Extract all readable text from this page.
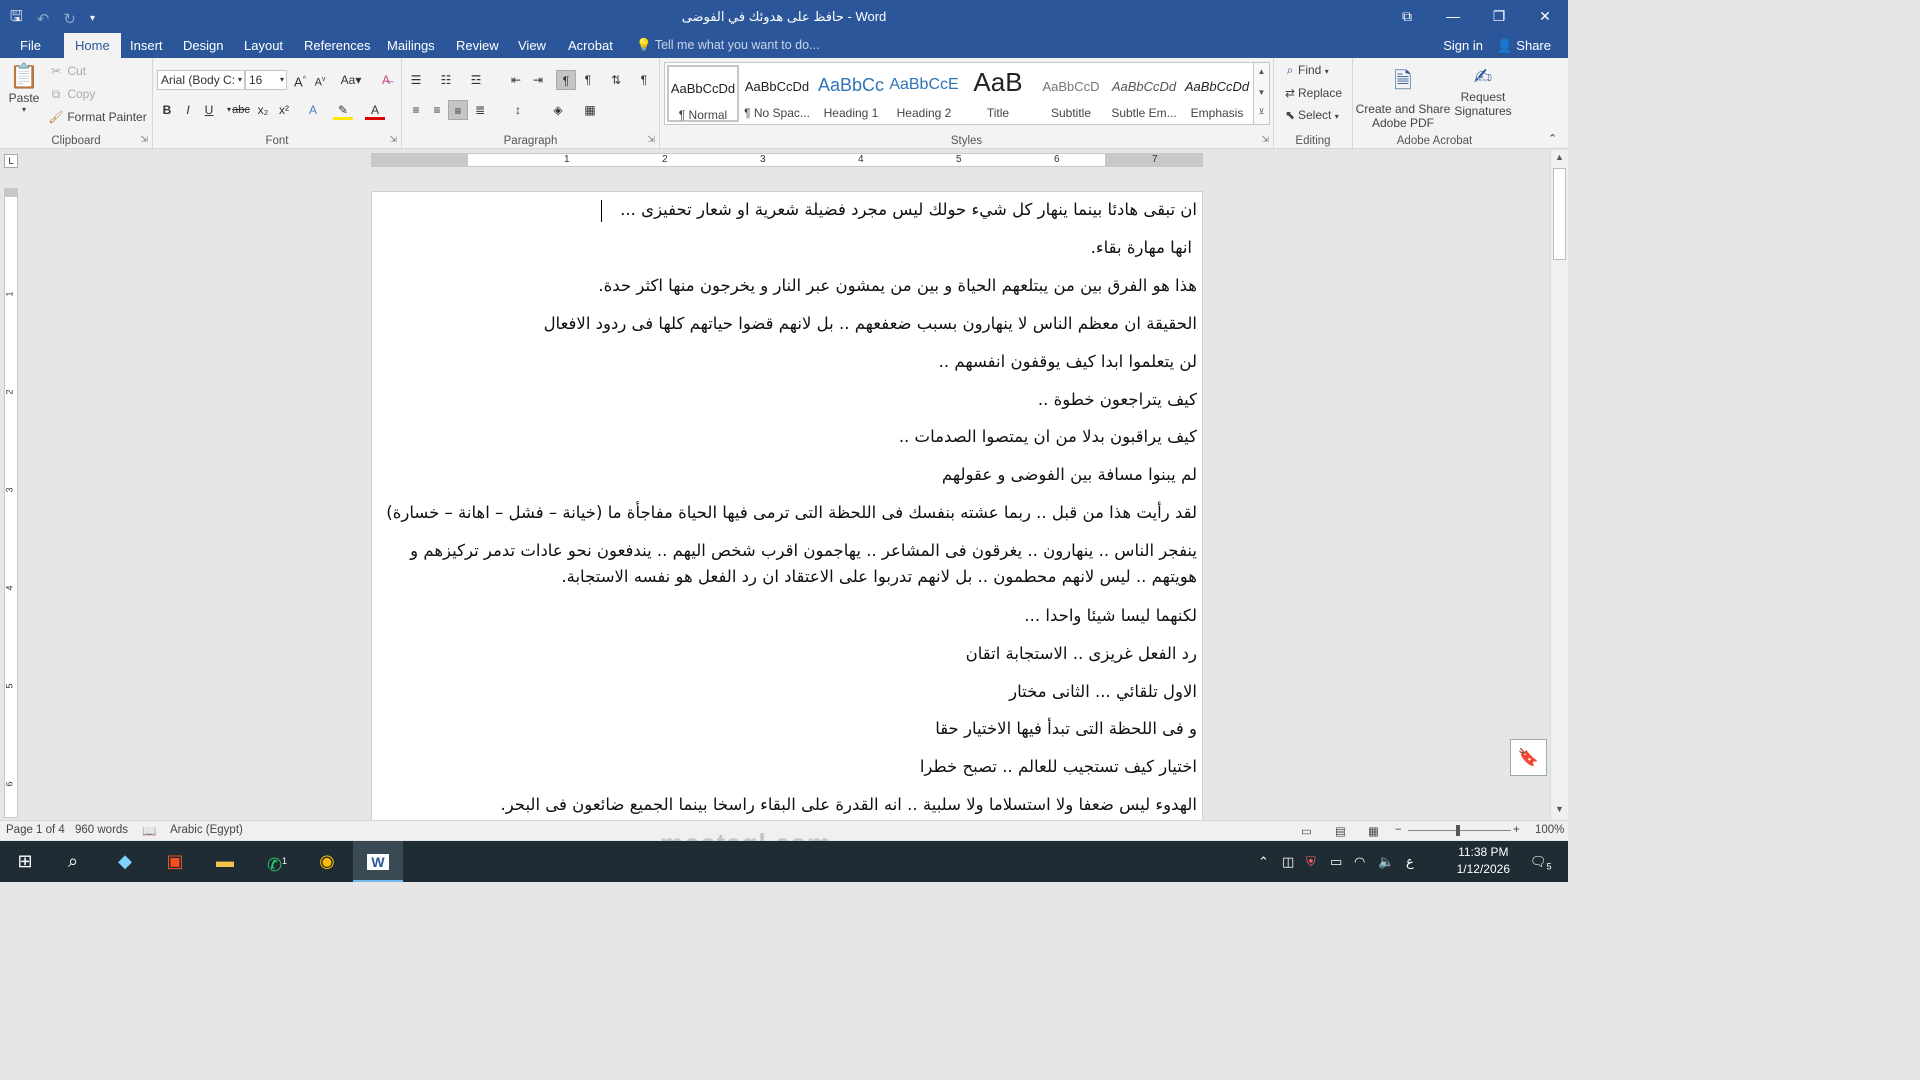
🖫 ↶ ↻ ▾	حافظ على هدوئك في الفوضى - Word	⧉	—	❐	✕
File	Home	Insert Design Layout References Mailings Review View Acrobat 💡 Tell me what you want to do...	Sign in 👤 Share
📋
Paste
▾
✂ Cut
⧉ Copy
🖌 Format Painter
Clipboard	⇲
Arial (Body C: ▾ 16 ▾ A^ $A^v$	Aa▾	A̶
B	I	U	▾ abc x₂ x²	A	✎	A
Font	⇲
☰	☷	☲	⇤ ⇥	¶	¶	⇅	¶
≡	≡	≡	≣	↕	◈	▦
Paragraph	⇲	Styles	⇲
AaBbCcDd
¶ Normal
AaBbCcDd
¶ No Spac...
AaBbCc
Heading 1
AaBbCcE
Heading 2
AaB
Title
AaBbCcD
Subtitle
AaBbCcDd
Subtle Em...
AaBbCcDd
Emphasis
▲
▼
⊻
⌕ Find ▾
⇄ Replace
⬉ Select ▾
Editing
🗎
Create and Share
Adobe PDF
✍
Request
Signatures
Adobe Acrobat	⌃
L	1	2	3	4	5	6	7
1
2
3
4
5
6
ان تبقى هادئا بينما ينهار كل شيء حولك ليس مجرد فضيلة شعرية او شعار تحفيزى ...
انها مهارة بقاء.
هذا هو الفرق بين من يبتلعهم الحياة و بين من يمشون عبر النار و يخرجون منها اكثر حدة.
الحقيقة ان معظم الناس لا ينهارون بسبب ضعفعهم .. بل لانهم قضوا حياتهم كلها فى ردود الافعال
لن يتعلموا ابدا كيف يوقفون انفسهم ..
كيف يتراجعون خطوة ..
كيف يراقبون بدلا من ان يمتصوا الصدمات ..
لم يبنوا مسافة بين الفوضى و عقولهم
لقد رأيت هذا من قبل .. ربما عشته بنفسك فى اللحظة التى ترمى فيها الحياة مفاجأة ما (خيانة – فشل – اهانة – خسارة)
ينفجر الناس .. ينهارون .. يغرقون فى المشاعر .. يهاجمون اقرب شخص اليهم .. يندفعون نحو عادات تدمر تركيزهم و هويتهم .. ليس لانهم محطمون .. بل لانهم تدربوا على الاعتقاد ان رد الفعل هو نفسه الاستجابة.
لكنهما ليسا شيئا واحدا ...
رد الفعل غريزى .. الاستجابة اتقان
الاول تلقائي ... الثانى مختار
و فى اللحظة التى تبدأ فيها الاختيار حقا
اختيار كيف تستجيب للعالم .. تصبح خطرا
الهدوء ليس ضعفا ولا استسلاما ولا سلبية .. انه القدرة على البقاء راسخا بينما الجميع ضائعون فى البحر.
▲
▼
🔖
Page 1 of 4 960 words 📖 Arabic (Egypt)	▭ ▤ ▦ −	+ 100%
⊞	⌕	◆	▣	▬	✆$^1$	◉	W	⌃ ◫ ⛨ ▭ ◠ 🔈 ع
11:38 PM
1/12/2026 $🗨_5$
